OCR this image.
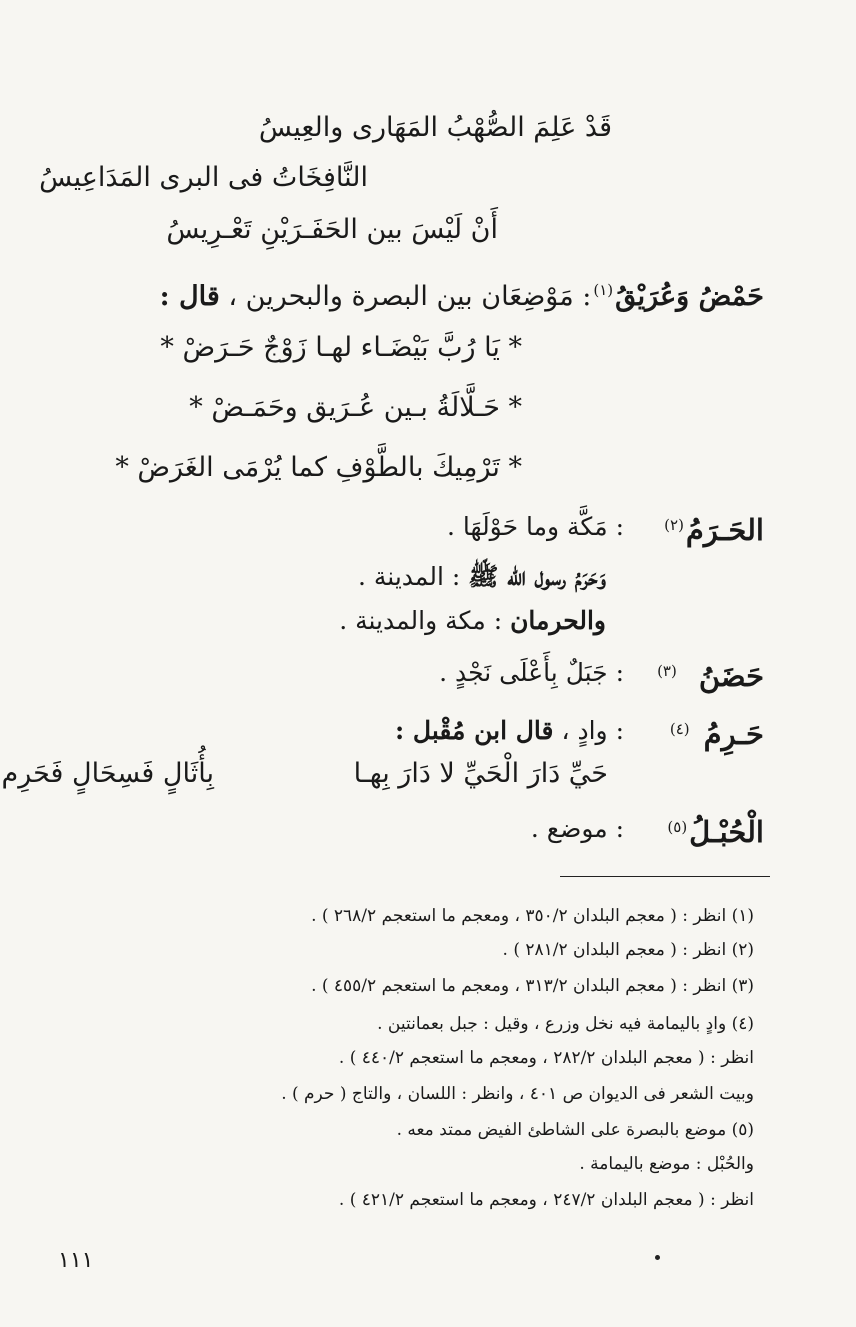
قَدْ عَلِمَ الصُّهْبُ المَهَارى والعِيسُ
النَّافِخَاتُ فى البرى المَدَاعِيسُ
أَنْ لَيْسَ بين الحَفَـرَيْنِ تَعْـرِيسُ
حَمْضُ وَعُرَيْقُ$^{(١)}$: مَوْضِعَان بين البصرة والبحرين ، قال :
* يَا رُبَّ بَيْضَـاء لهـا زَوْجٌ حَـرَضْ *
* حَـلَّالَةُ بـين عُـرَيق وحَمَـضْ *
* تَرْمِيكَ بالطَّوْفِ كما يُرْمَى الغَرَضْ *
الحَـرَمُ$^{(٢)}$
: مَكَّة وما حَوْلَهَا .
وَحَرَمُ رسول اللّه ﷺ : المدينة .
والحرمان : مكة والمدينة .
حَضَنُ$^{(٣)}$
: جَبَلٌ بِأَعْلَى نَجْدٍ .
حَـرِمُ$^{(٤)}$
: وادٍ ، قال ابن مُقْبل :
حَيِّ دَارَ الْحَيِّ لا دَارَ بِهـا
بِأُثَالٍ فَسِحَالٍ فَحَرِم
الْحُبْـلُ$^{(٥)}$
: موضع .
(١) انظر : ( معجم البلدان ٣٥٠/٢ ، ومعجم ما استعجم ٢٦٨/٢ ) .
(٢) انظر : ( معجم البلدان ٢٨١/٢ ) .
(٣) انظر : ( معجم البلدان ٣١٣/٢ ، ومعجم ما استعجم ٤٥٥/٢ ) .
(٤) وادٍ باليمامة فيه نخل وزرع ، وقيل : جبل بعمانتين .
انظر : ( معجم البلدان ٢٨٢/٢ ، ومعجم ما استعجم ٤٤٠/٢ ) .
وبيت الشعر فى الديوان ص ٤٠١ ، وانظر : اللسان ، والتاج ( حرم ) .
(٥) موضع بالبصرة على الشاطئ الفيض ممتد معه .
والحُبْل : موضع باليمامة .
انظر : ( معجم البلدان ٢٤٧/٢ ، ومعجم ما استعجم ٤٢١/٢ ) .
١١١
